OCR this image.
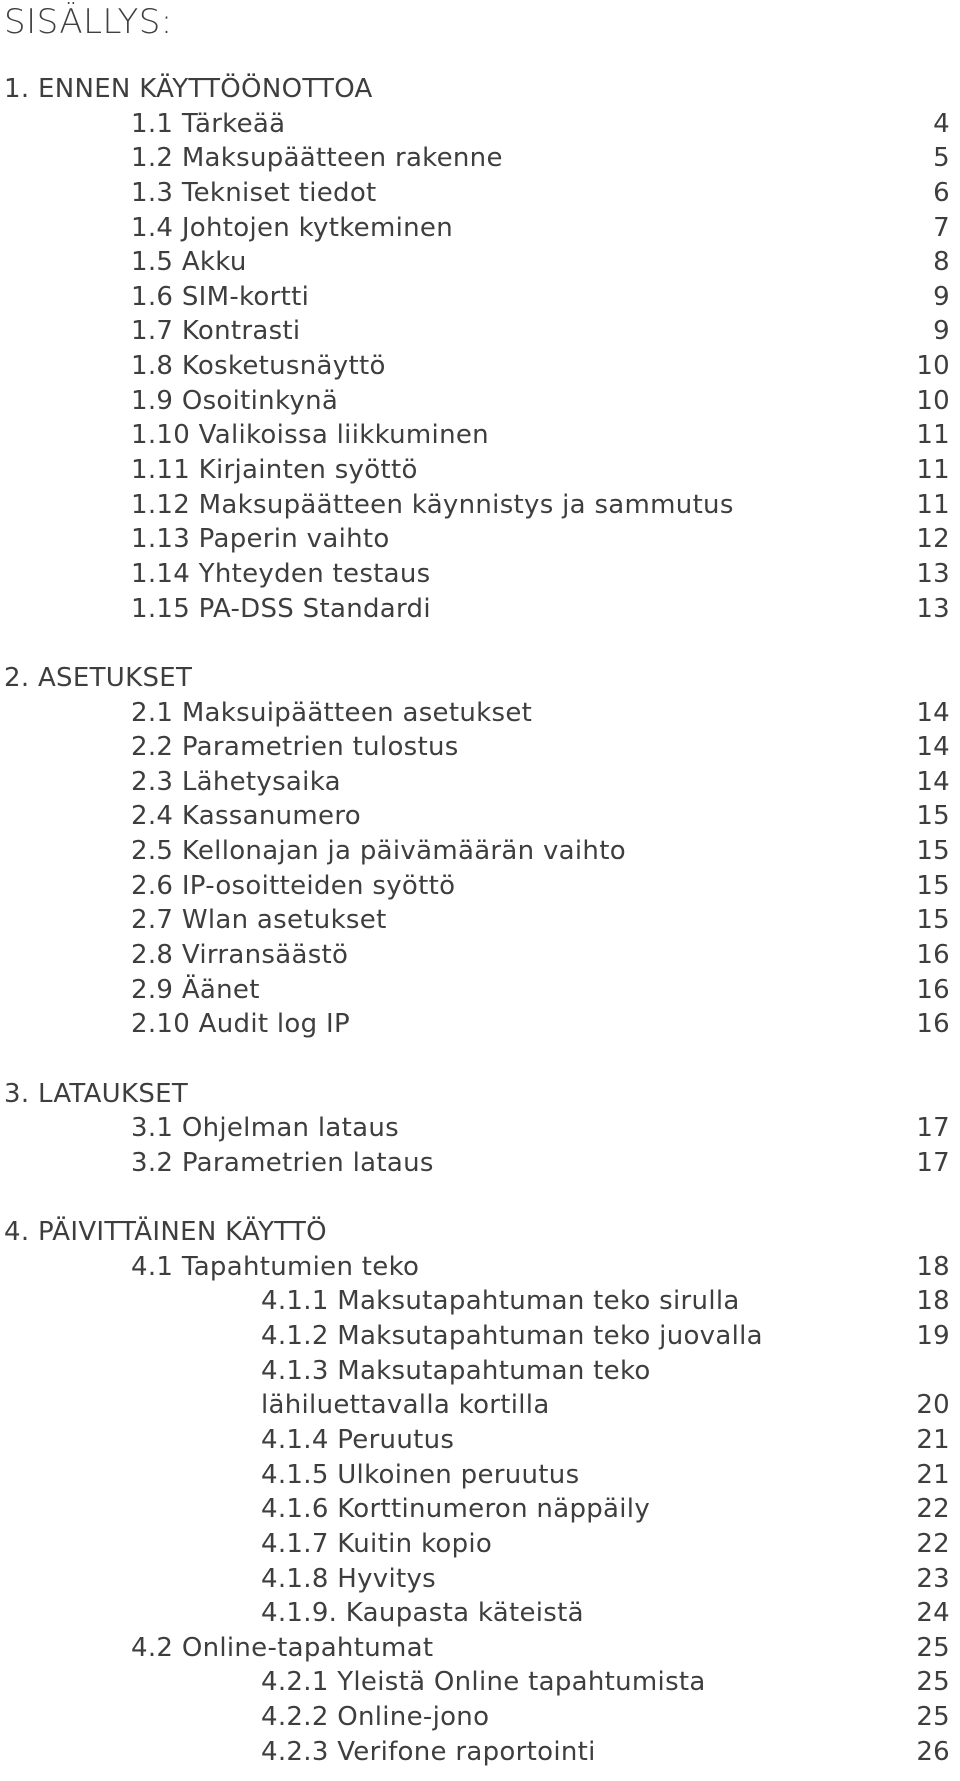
SISÄLLYS:
1. ENNEN KÄYTTÖÖNOTTOA
1.1 Tärkeää	4
1.2 Maksupäätteen rakenne	5
1.3 Tekniset tiedot	6
1.4 Johtojen kytkeminen	7
1.5 Akku	8
1.6 SIM-kortti	9
1.7 Kontrasti	9
1.8 Kosketusnäyttö	10
1.9 Osoitinkynä	10
1.10 Valikoissa liikkuminen	11
1.11 Kirjainten syöttö	11
1.12 Maksupäätteen käynnistys ja sammutus	11
1.13 Paperin vaihto	12
1.14 Yhteyden testaus	13
1.15 PA-DSS Standardi	13
2. ASETUKSET
2.1 Maksuipäätteen asetukset	14
2.2 Parametrien tulostus	14
2.3 Lähetysaika	14
2.4 Kassanumero	15
2.5 Kellonajan ja päivämäärän vaihto	15
2.6 IP-osoitteiden syöttö	15
2.7 Wlan asetukset	15
2.8 Virransäästö	16
2.9 Äänet	16
2.10 Audit log IP	16
3. LATAUKSET
3.1 Ohjelman lataus	17
3.2 Parametrien lataus	17
4. PÄIVITTÄINEN KÄYTTÖ
4.1 Tapahtumien teko	18
4.1.1 Maksutapahtuman teko sirulla	18
4.1.2 Maksutapahtuman teko juovalla	19
4.1.3 Maksutapahtuman teko
lähiluettavalla kortilla	20
4.1.4 Peruutus	21
4.1.5 Ulkoinen peruutus	21
4.1.6 Korttinumeron näppäily	22
4.1.7 Kuitin kopio	22
4.1.8 Hyvitys	23
4.1.9. Kaupasta käteistä	24
4.2 Online-tapahtumat	25
4.2.1 Yleistä Online tapahtumista	25
4.2.2 Online-jono	25
4.2.3 Verifone raportointi	26
